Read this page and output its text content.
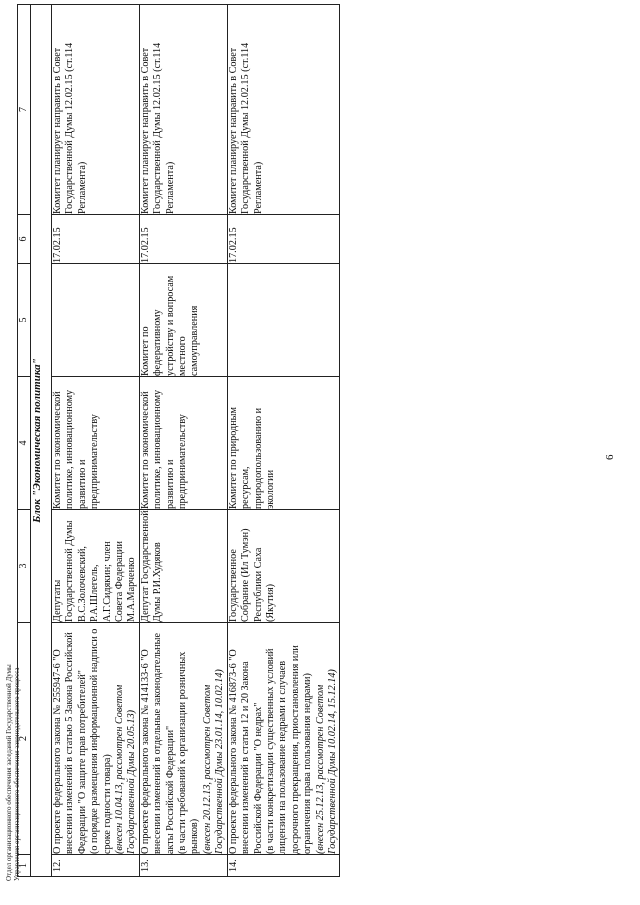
6
1	2	3	4	5	6	7
Блок "Экономическая политика"						
12.	О проекте федерального закона № 255947-6 "О внесении изменений в статью 5 Закона Российской Федерации "О защите прав потребителей" (о порядке размещения информационной надписи о сроке годности товара) (внесен 10.04.13, рассмотрен Советом Государственной Думы 20.05.13)	Депутаты Государственной Думы В.С.Золочевский, Р.А.Шлегель, А.Г.Сидякин; член Совета Федерации М.А.Марченко	Комитет по экономической политике, инновационному развитию и предпринимательству		17.02.15	Комитет планирует направить в Совет Государственной Думы 12.02.15 (ст.114 Регламента)
13.	О проекте федерального закона № 414133-6 "О внесении изменений в отдельные законодательные акты Российской Федерации" (в части требований к организации розничных рынков) (внесен 20.12.13, рассмотрен Советом Государственной Думы 23.01.14, 10.02.14)	Депутат Государственной Думы Р.И.Худяков	Комитет по экономической политике, инновационному развитию и предпринимательству	Комитет по федеративному устройству и вопросам местного самоуправления	17.02.15	Комитет планирует направить в Совет Государственной Думы 12.02.15 (ст.114 Регламента)
14.	О проекте федерального закона № 416873-6 "О внесении изменений в статьи 12 и 20 Закона Российской Федерации "О недрах" (в части конкретизации существенных условий лицензии на пользование недрами и случаев досрочного прекращения, приостановления или ограничения права пользования недрами) (внесен 25.12.13, рассмотрен Советом Государственной Думы 10.02.14, 15.12.14)	Государственное Собрание (Ил Тумэн) Республики Саха (Якутия)	Комитет по природным ресурсам, природопользованию и экологии		17.02.15	Комитет планирует направить в Совет Государственной Думы 12.02.15 (ст.114 Регламента)
Отдел организационного обеспечения заседаний Государственной Думы Управления организационного обеспечения законодательного процесса
